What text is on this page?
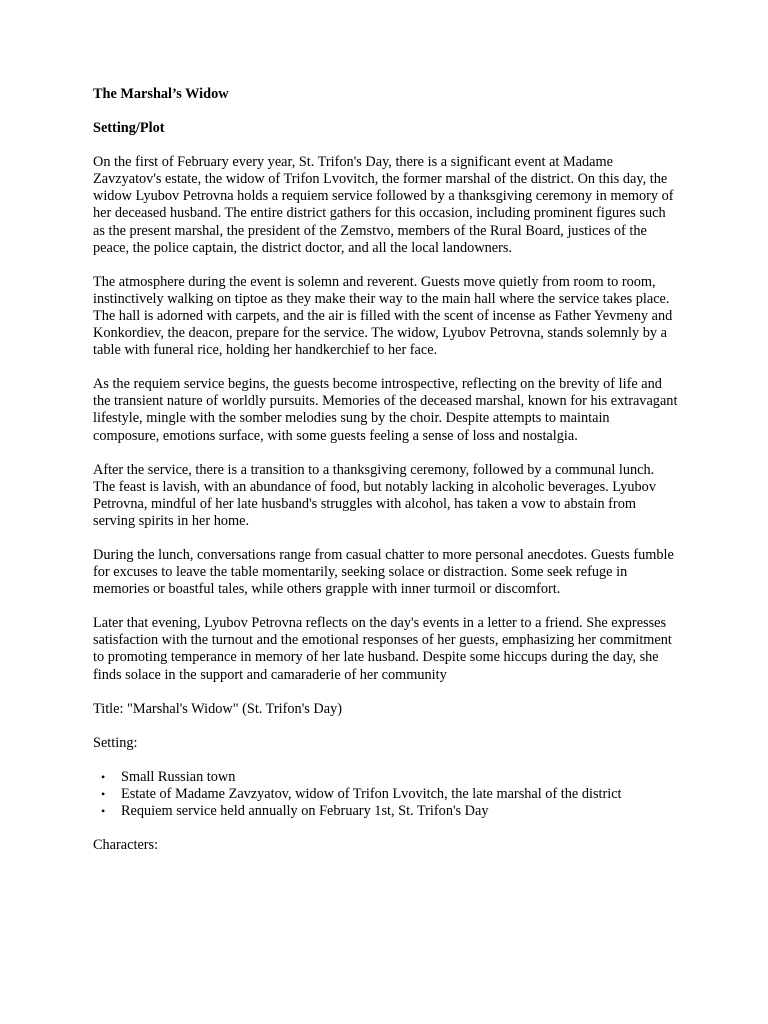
The Marshal’s Widow

Setting/Plot

On the first of February every year, St. Trifon's Day, there is a significant event at Madame Zavzyatov's estate, the widow of Trifon Lvovitch, the former marshal of the district. On this day, the widow Lyubov Petrovna holds a requiem service followed by a thanksgiving ceremony in memory of her deceased husband. The entire district gathers for this occasion, including prominent figures such as the present marshal, the president of the Zemstvo, members of the Rural Board, justices of the peace, the police captain, the district doctor, and all the local landowners.

The atmosphere during the event is solemn and reverent. Guests move quietly from room to room, instinctively walking on tiptoe as they make their way to the main hall where the service takes place. The hall is adorned with carpets, and the air is filled with the scent of incense as Father Yevmeny and Konkordiev, the deacon, prepare for the service. The widow, Lyubov Petrovna, stands solemnly by a table with funeral rice, holding her handkerchief to her face.

As the requiem service begins, the guests become introspective, reflecting on the brevity of life and the transient nature of worldly pursuits. Memories of the deceased marshal, known for his extravagant lifestyle, mingle with the somber melodies sung by the choir. Despite attempts to maintain composure, emotions surface, with some guests feeling a sense of loss and nostalgia.

After the service, there is a transition to a thanksgiving ceremony, followed by a communal lunch. The feast is lavish, with an abundance of food, but notably lacking in alcoholic beverages. Lyubov Petrovna, mindful of her late husband's struggles with alcohol, has taken a vow to abstain from serving spirits in her home.

During the lunch, conversations range from casual chatter to more personal anecdotes. Guests fumble for excuses to leave the table momentarily, seeking solace or distraction. Some seek refuge in memories or boastful tales, while others grapple with inner turmoil or discomfort.

Later that evening, Lyubov Petrovna reflects on the day's events in a letter to a friend. She expresses satisfaction with the turnout and the emotional responses of her guests, emphasizing her commitment to promoting temperance in memory of her late husband. Despite some hiccups during the day, she finds solace in the support and camaraderie of her community

Title: "Marshal's Widow" (St. Trifon's Day)

Setting:

• Small Russian town
• Estate of Madame Zavzyatov, widow of Trifon Lvovitch, the late marshal of the district
• Requiem service held annually on February 1st, St. Trifon's Day

Characters:
